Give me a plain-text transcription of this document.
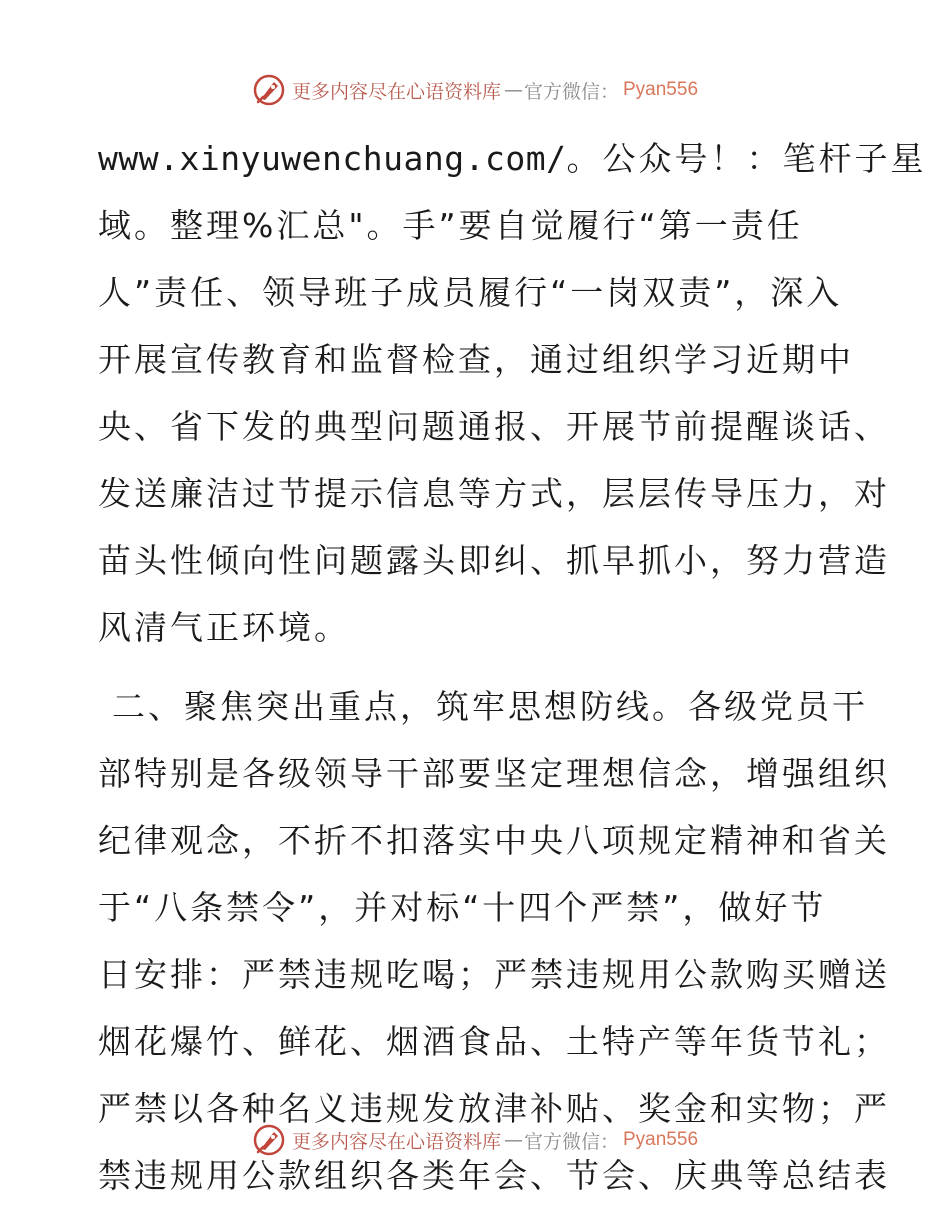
更多内容尽在心语资料库 — 官方微信： Pyan556
www.xinyuwenchuang.com/。公众号！：笔杆子星
域。整理%汇总"。手”要自觉履行“第一责任
人”责任、领导班子成员履行“一岗双责”，深入
开展宣传教育和监督检查，通过组织学习近期中
央、省下发的典型问题通报、开展节前提醒谈话、
发送廉洁过节提示信息等方式，层层传导压力，对
苗头性倾向性问题露头即纠、抓早抓小，努力营造
风清气正环境。
二、聚焦突出重点，筑牢思想防线。各级党员干
部特别是各级领导干部要坚定理想信念，增强组织
纪律观念，不折不扣落实中央八项规定精神和省关
于“八条禁令”，并对标“十四个严禁”，做好节
日安排：严禁违规吃喝；严禁违规用公款购买赠送
烟花爆竹、鲜花、烟酒食品、土特产等年货节礼；
严禁以各种名义违规发放津补贴、奖金和实物；严
禁违规用公款组织各类年会、节会、庆典等总结表
更多内容尽在心语资料库 — 官方微信： Pyan556
